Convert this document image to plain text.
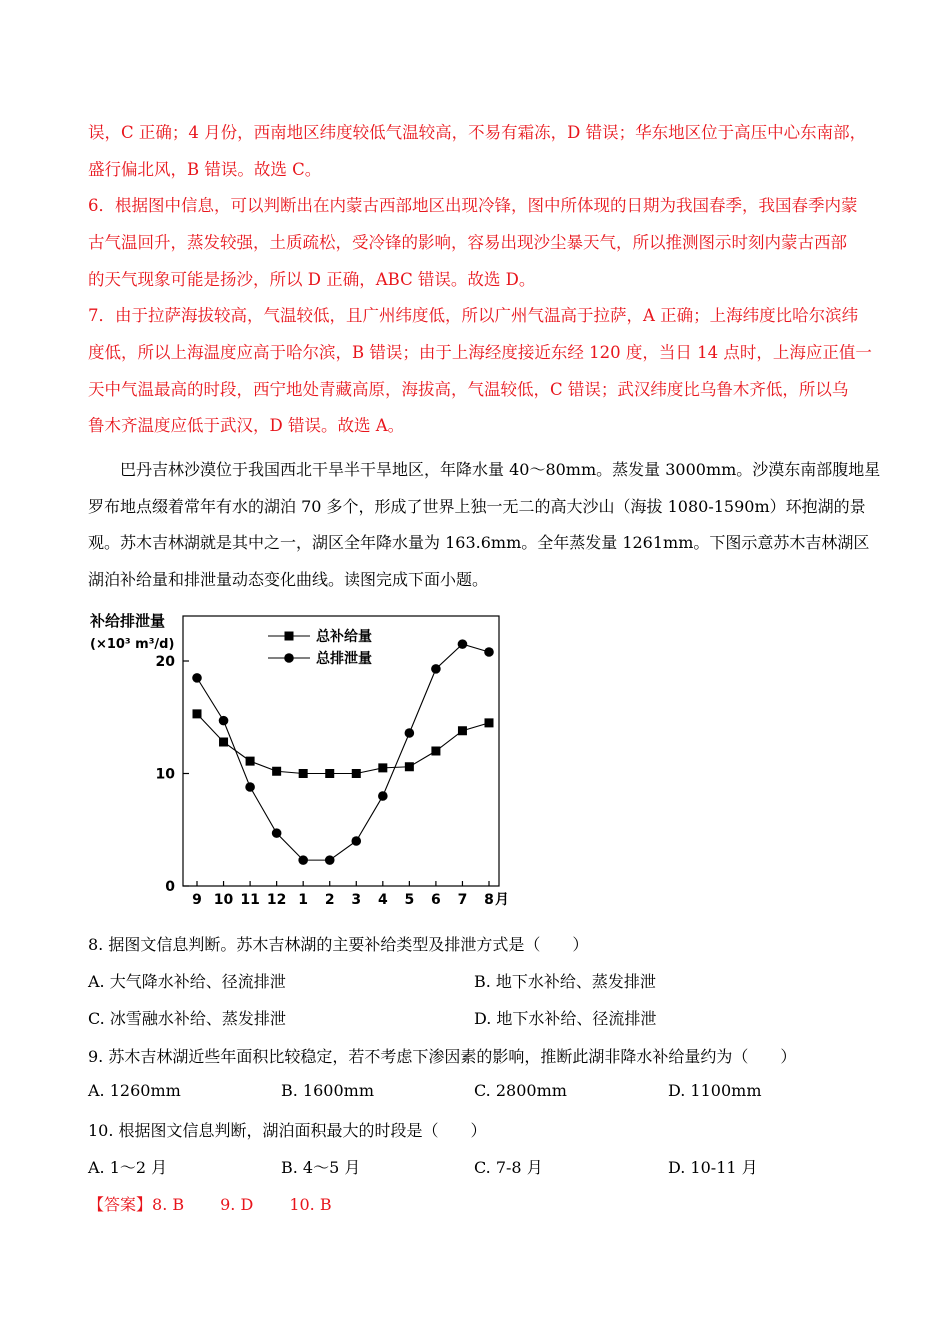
误，C 正确；4 月份，西南地区纬度较低气温较高，不易有霜冻，D 错误；华东地区位于高压中心东南部，
盛行偏北风，B 错误。故选 C。
6．根据图中信息，可以判断出在内蒙古西部地区出现冷锋，图中所体现的日期为我国春季，我国春季内蒙
古气温回升，蒸发较强，土质疏松，受冷锋的影响，容易出现沙尘暴天气，所以推测图示时刻内蒙古西部
的天气现象可能是扬沙，所以 D 正确，ABC 错误。故选 D。
7．由于拉萨海拔较高，气温较低，且广州纬度低，所以广州气温高于拉萨，A 正确；上海纬度比哈尔滨纬
度低，所以上海温度应高于哈尔滨，B 错误；由于上海经度接近东经 120 度，当日 14 点时，上海应正值一
天中气温最高的时段，西宁地处青藏高原，海拔高，气温较低，C 错误；武汉纬度比乌鲁木齐低，所以乌
鲁木齐温度应低于武汉，D 错误。故选 A。
巴丹吉林沙漠位于我国西北干旱半干旱地区，年降水量 40～80mm。蒸发量 3000mm。沙漠东南部腹地星
罗布地点缀着常年有水的湖泊 70 多个，形成了世界上独一无二的高大沙山（海拔 1080-1590m）环抱湖的景
观。苏木吉林湖就是其中之一，湖区全年降水量为 163.6mm。全年蒸发量 1261mm。下图示意苏木吉林湖区
湖泊补给量和排泄量动态变化曲线。读图完成下面小题。
补给排泄量
(×10³ m³/d)	总补给量
总排泄量
0
10
20
9 10 11 12 1 2 3 4 5 6 7 8 月
8. 据图文信息判断。苏木吉林湖的主要补给类型及排泄方式是（　　）
A. 大气降水补给、径流排泄	B. 地下水补给、蒸发排泄
C. 冰雪融水补给、蒸发排泄	D. 地下水补给、径流排泄
9. 苏木吉林湖近些年面积比较稳定，若不考虑下渗因素的影响，推断此湖非降水补给量约为（　　）
A. 1260mm	B. 1600mm	C. 2800mm	D. 1100mm
10. 根据图文信息判断，湖泊面积最大的时段是（　　）
A. 1～2 月	B. 4～5 月	C. 7-8 月	D. 10-11 月
【答案】8. B 9. D 10. B
